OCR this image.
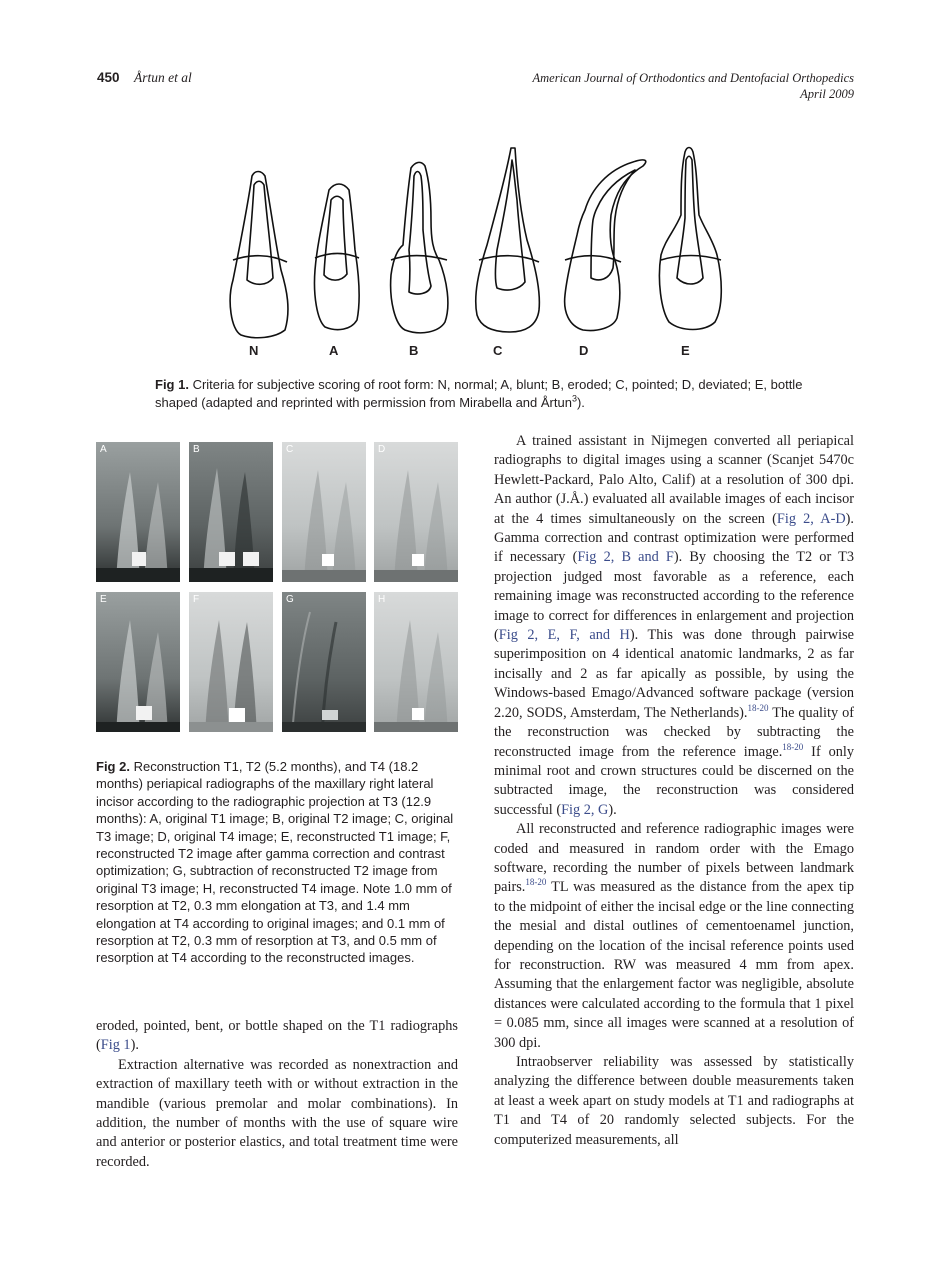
450 Årtun et al	American Journal of Orthodontics and Dentofacial Orthopedics
April 2009
N	A	B	C	D	E
Fig 1. Criteria for subjective scoring of root form: N, normal; A, blunt; B, eroded; C, pointed; D, deviated; E, bottle shaped (adapted and reprinted with permission from Mirabella and Årtun$^3$).
A	B	C	D
E	F	G	H
Fig 2. Reconstruction T1, T2 (5.2 months), and T4 (18.2 months) periapical radiographs of the maxillary right lateral incisor according to the radiographic projection at T3 (12.9 months): A, original T1 image; B, original T2 image; C, original T3 image; D, original T4 image; E, reconstructed T1 image; F, reconstructed T2 image after gamma correction and contrast optimization; G, subtraction of reconstructed T2 image from original T3 image; H, reconstructed T4 image. Note 1.0 mm of resorption at T2, 0.3 mm elongation at T3, and 1.4 mm elongation at T4 according to original images; and 0.1 mm of resorption at T2, 0.3 mm of resorption at T3, and 0.5 mm of resorption at T4 according to the reconstructed images.

eroded, pointed, bent, or bottle shaped on the T1 radiographs (Fig 1).

Extraction alternative was recorded as nonextraction and extraction of maxillary teeth with or without extraction in the mandible (various premolar and molar combinations). In addition, the number of months with the use of square wire and anterior or posterior elastics, and total treatment time were recorded.

A trained assistant in Nijmegen converted all periapical radiographs to digital images using a scanner (Scanjet 5470c Hewlett-Packard, Palo Alto, Calif) at a resolution of 300 dpi. An author (J.Å.) evaluated all available images of each incisor at the 4 times simultaneously on the screen (Fig 2, A-D). Gamma correction and contrast optimization were performed if necessary (Fig 2, B and F). By choosing the T2 or T3 projection judged most favorable as a reference, each remaining image was reconstructed according to the reference image to correct for differences in enlargement and projection (Fig 2, E, F, and H). This was done through pairwise superimposition on 4 identical anatomic landmarks, 2 as far incisally and 2 as far apically as possible, by using the Windows-based Emago/Advanced software package (version 2.20, SODS, Amsterdam, The Netherlands).$^{18-20}$ The quality of the reconstruction was checked by subtracting the reconstructed image from the reference image.$^{18-20}$ If only minimal root and crown structures could be discerned on the subtracted image, the reconstruction was considered successful (Fig 2, G).

All reconstructed and reference radiographic images were coded and measured in random order with the Emago software, recording the number of pixels between landmark pairs.$^{18-20}$ TL was measured as the distance from the apex tip to the midpoint of either the incisal edge or the line connecting the mesial and distal outlines of cementoenamel junction, depending on the location of the incisal reference points used for reconstruction. RW was measured 4 mm from apex. Assuming that the enlargement factor was negligible, absolute distances were calculated according to the formula that 1 pixel = 0.085 mm, since all images were scanned at a resolution of 300 dpi.

Intraobserver reliability was assessed by statistically analyzing the difference between double measurements taken at least a week apart on study models at T1 and radiographs at T1 and T4 of 20 randomly selected subjects. For the computerized measurements, all
